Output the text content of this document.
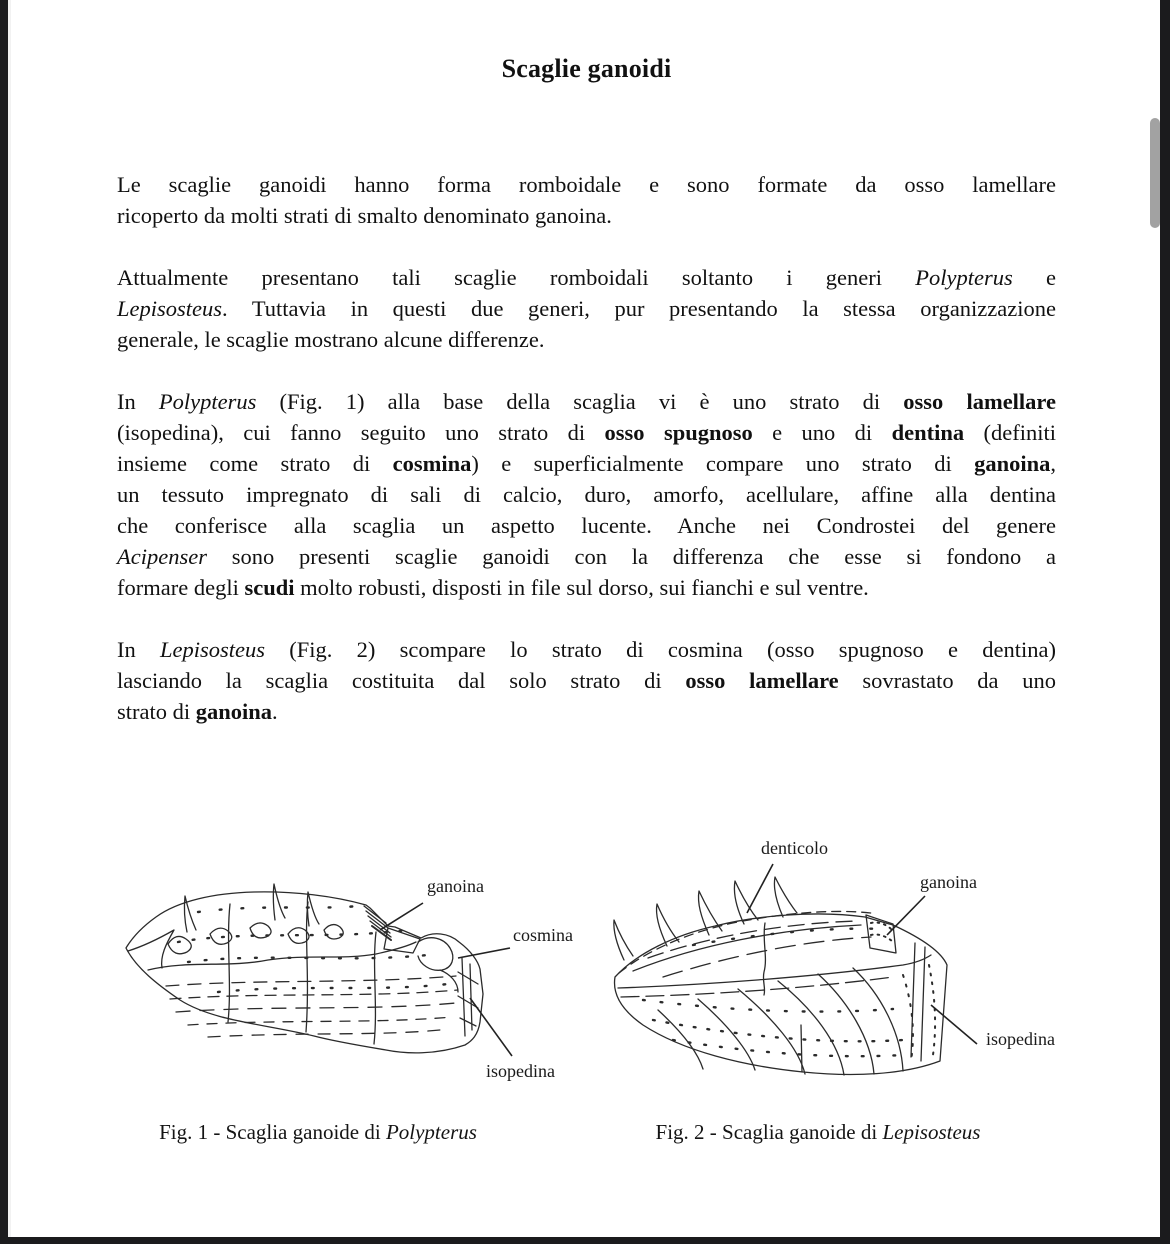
Scaglie ganoidi
Le scaglie ganoidi hanno forma romboidale e sono formate da osso lamellare
ricoperto da molti strati di smalto denominato ganoina.
Attualmente presentano tali scaglie romboidali soltanto i generi Polypterus e
Lepisosteus. Tuttavia in questi due generi, pur presentando la stessa organizzazione
generale, le scaglie mostrano alcune differenze.
In Polypterus (Fig. 1) alla base della scaglia vi è uno strato di osso lamellare
(isopedina), cui fanno seguito uno strato di osso spugnoso e uno di dentina (definiti
insieme come strato di cosmina) e superficialmente compare uno strato di ganoina,
un tessuto impregnato di sali di calcio, duro, amorfo, acellulare, affine alla dentina
che conferisce alla scaglia un aspetto lucente. Anche nei Condrostei del genere
Acipenser sono presenti scaglie ganoidi con la differenza che esse si fondono a
formare degli scudi molto robusti, disposti in file sul dorso, sui fianchi e sul ventre.
In Lepisosteus (Fig. 2) scompare lo strato di cosmina (osso spugnoso e dentina)
lasciando la scaglia costituita dal solo strato di osso lamellare sovrastato da uno
strato di ganoina.
ganoina
cosmina
isopedina
denticolo
ganoina
isopedina
Fig. 1 - Scaglia ganoide di Polypterus	Fig. 2 - Scaglia ganoide di Lepisosteus
